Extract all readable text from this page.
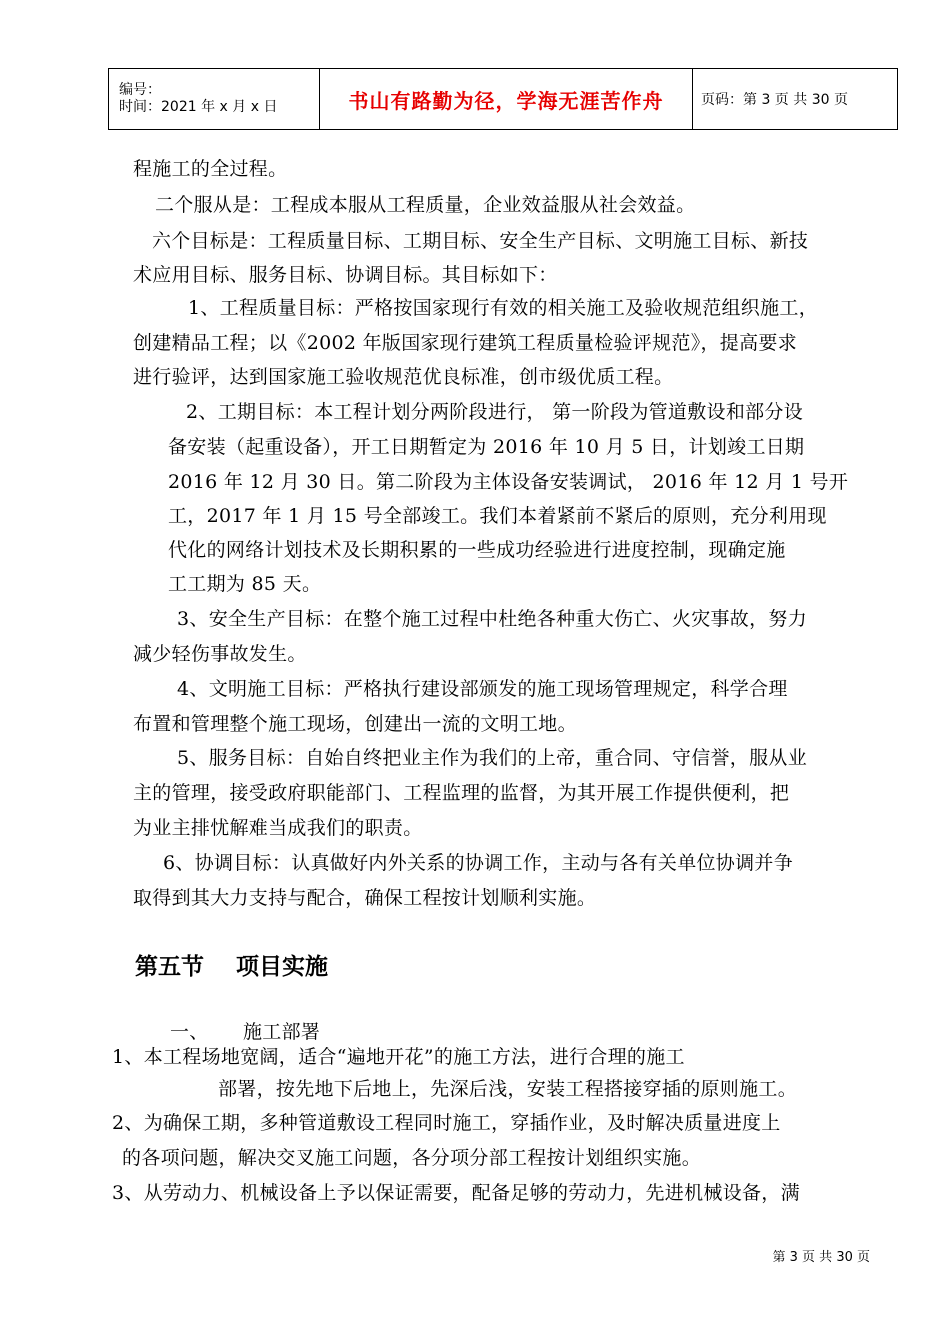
编号：
时间：2021 年 x 月 x 日	书山有路勤为径，学海无涯苦作舟	页码：第 3 页 共 30 页
程施工的全过程。
二个服从是：工程成本服从工程质量，企业效益服从社会效益。
六个目标是：工程质量目标、工期目标、安全生产目标、文明施工目标、新技
术应用目标、服务目标、协调目标。其目标如下：
1、工程质量目标：严格按国家现行有效的相关施工及验收规范组织施工，
创建精品工程；以《2002 年版国家现行建筑工程质量检验评规范》，提高要求
进行验评，达到国家施工验收规范优良标准，创市级优质工程。
2、工期目标：本工程计划分两阶段进行， 第一阶段为管道敷设和部分设
备安装（起重设备），开工日期暂定为 2016 年 10 月 5 日，计划竣工日期
2016 年 12 月 30 日。第二阶段为主体设备安装调试， 2016 年 12 月 1 号开
工，2017 年 1 月 15 号全部竣工。我们本着紧前不紧后的原则，充分利用现
代化的网络计划技术及长期积累的一些成功经验进行进度控制，现确定施
工工期为 85 天。
3、安全生产目标：在整个施工过程中杜绝各种重大伤亡、火灾事故，努力
减少轻伤事故发生。
4、文明施工目标：严格执行建设部颁发的施工现场管理规定，科学合理
布置和管理整个施工现场，创建出一流的文明工地。
5、服务目标：自始自终把业主作为我们的上帝，重合同、守信誉，服从业
主的管理，接受政府职能部门、工程监理的监督，为其开展工作提供便利，把
为业主排忧解难当成我们的职责。
6、协调目标：认真做好内外关系的协调工作，主动与各有关单位协调并争
取得到其大力支持与配合，确保工程按计划顺利实施。
第五节 项目实施
一、 施工部署
1、本工程场地宽阔，适合“遍地开花”的施工方法，进行合理的施工
部署，按先地下后地上，先深后浅，安装工程搭接穿插的原则施工。
2、为确保工期，多种管道敷设工程同时施工，穿插作业，及时解决质量进度上
的各项问题，解决交叉施工问题，各分项分部工程按计划组织实施。
3、从劳动力、机械设备上予以保证需要，配备足够的劳动力，先进机械设备，满
第 3 页 共 30 页
